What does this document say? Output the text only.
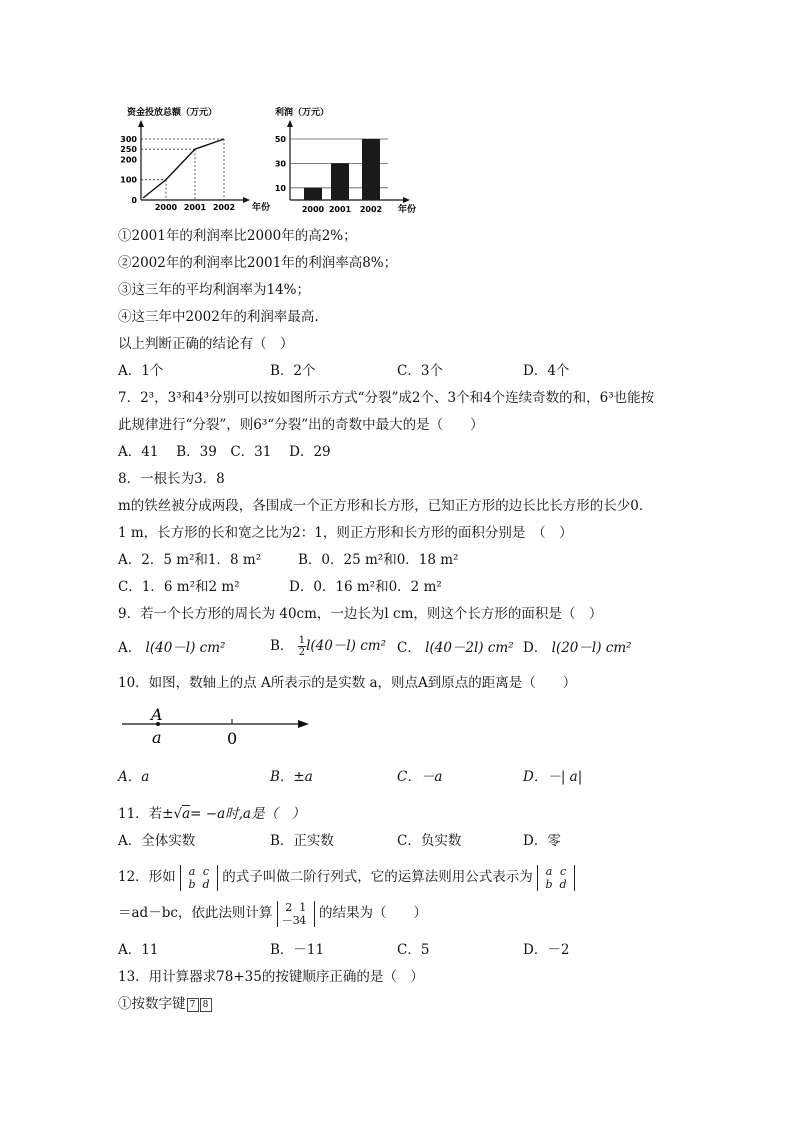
资金投放总额（万元）
0
100
200
250
300
2000 2001 2002 年份
利润（万元）
10
30
50
2000 2001 2002 年份
①2001年的利润率比2000年的高2%；
②2002年的利润率比2001年的利润率高8%；
③这三年的平均利润率为14%；
④这三年中2002年的利润率最高.
以上判断正确的结论有（　）
A．1个	B．2个	C．3个	D．4个
7．2³，3³和4³分别可以按如图所示方式“分裂”成2个、3个和4个连续奇数的和，6³也能按
此规律进行“分裂”，则6³“分裂”出的奇数中最大的是（　　）
A．41　 B．39　C．31　 D．29
8．一根长为3．8
m的铁丝被分成两段，各围成一个正方形和长方形，已知正方形的边长比长方形的长少0．
1 m，长方形的长和宽之比为2：1，则正方形和长方形的面积分别是　（　）
A．2．5 m²和1．8 m²	B．0．25 m²和0．18 m²
C．1．6 m²和2 m²	D．0．16 m²和0．2 m²
9．若一个长方形的周长为 40cm，一边长为l cm，则这个长方形的面积是（　）
A． l(40－l) cm²	B． $\frac{1}{2}l(40-l)$ cm² C． l(40－2l) cm² D． l(20－l) cm²
10．如图，数轴上的点 A所表示的是实数 a，则点A到原点的距离是（　　）
A
a	0
A．a	B．±a	C．－a	D．－| a|
11．若±√a= −a时,a是（　）
A．全体实数	B．正实数	C．负实数	D．零
12．形如 a c
b d 的式子叫做二阶行列式，它的运算法则用公式表示为 a c
b d
＝ad－bc，依此法则计算 2 1
－34 的结果为（　　）
A．11	B．－11	C．5	D．－2
13．用计算器求78+35的按键顺序正确的是（　）
①按数字键 7 8
